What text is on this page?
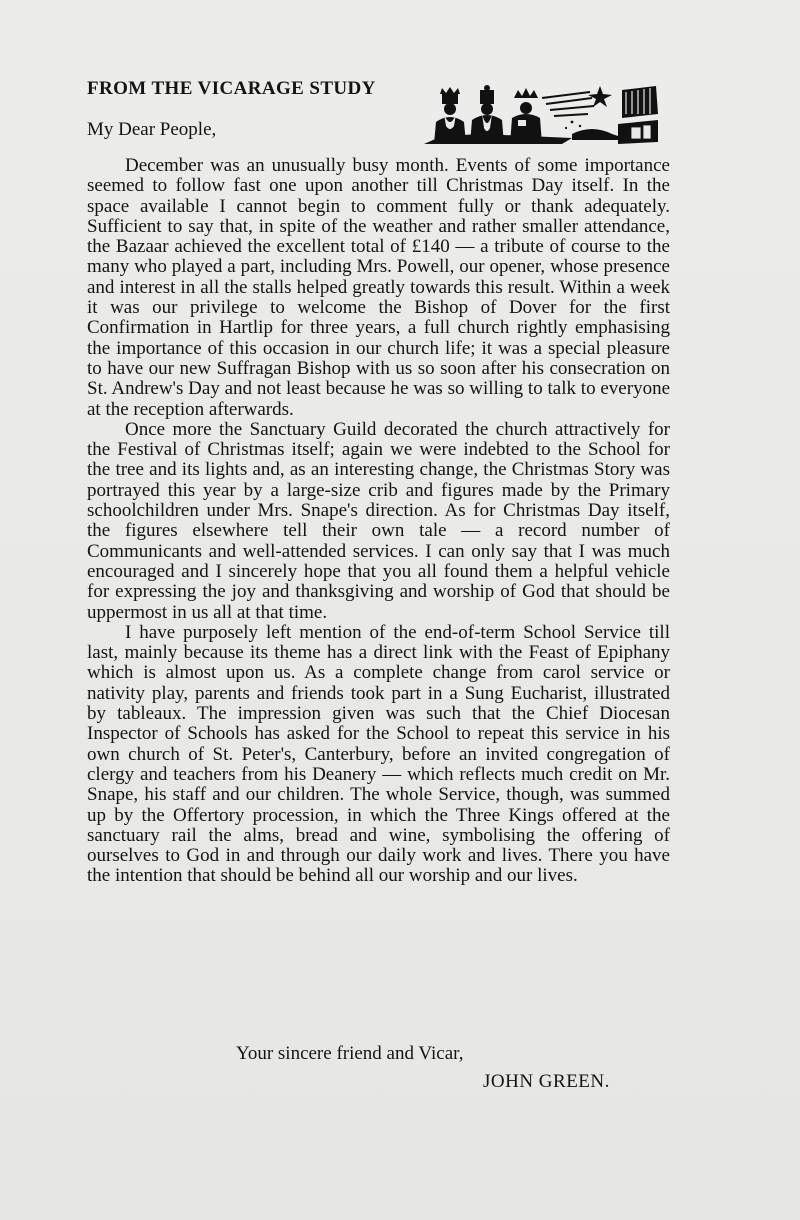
FROM THE VICARAGE STUDY
My Dear People,

December was an unusually busy month. Events of some importance seemed to follow fast one upon another till Christmas Day itself. In the space available I cannot begin to comment fully or thank adequately. Sufficient to say that, in spite of the weather and rather smaller attendance, the Bazaar achieved the excellent total of £140 — a tribute of course to the many who played a part, including Mrs. Powell, our opener, whose presence and interest in all the stalls helped greatly towards this result. Within a week it was our privilege to welcome the Bishop of Dover for the first Confirmation in Hartlip for three years, a full church rightly emphasising the importance of this occasion in our church life; it was a special pleasure to have our new Suffragan Bishop with us so soon after his consecration on St. Andrew's Day and not least because he was so willing to talk to everyone at the reception afterwards.

Once more the Sanctuary Guild decorated the church attractively for the Festival of Christmas itself; again we were indebted to the School for the tree and its lights and, as an interesting change, the Christmas Story was portrayed this year by a large-size crib and figures made by the Primary schoolchildren under Mrs. Snape's direction. As for Christmas Day itself, the figures elsewhere tell their own tale — a record number of Communicants and well-attended services. I can only say that I was much encouraged and I sincerely hope that you all found them a helpful vehicle for expressing the joy and thanksgiving and worship of God that should be uppermost in us all at that time.

I have purposely left mention of the end-of-term School Service till last, mainly because its theme has a direct link with the Feast of Epiphany which is almost upon us. As a complete change from carol service or nativity play, parents and friends took part in a Sung Eucharist, illustrated by tableaux. The impression given was such that the Chief Diocesan Inspector of Schools has asked for the School to repeat this service in his own church of St. Peter's, Canterbury, before an invited congregation of clergy and teachers from his Deanery — which reflects much credit on Mr. Snape, his staff and our children. The whole Service, though, was summed up by the Offertory procession, in which the Three Kings offered at the sanctuary rail the alms, bread and wine, symbolising the offering of ourselves to God in and through our daily work and lives. There you have the intention that should be behind all our worship and our lives.

Your sincere friend and Vicar,
JOHN GREEN.
